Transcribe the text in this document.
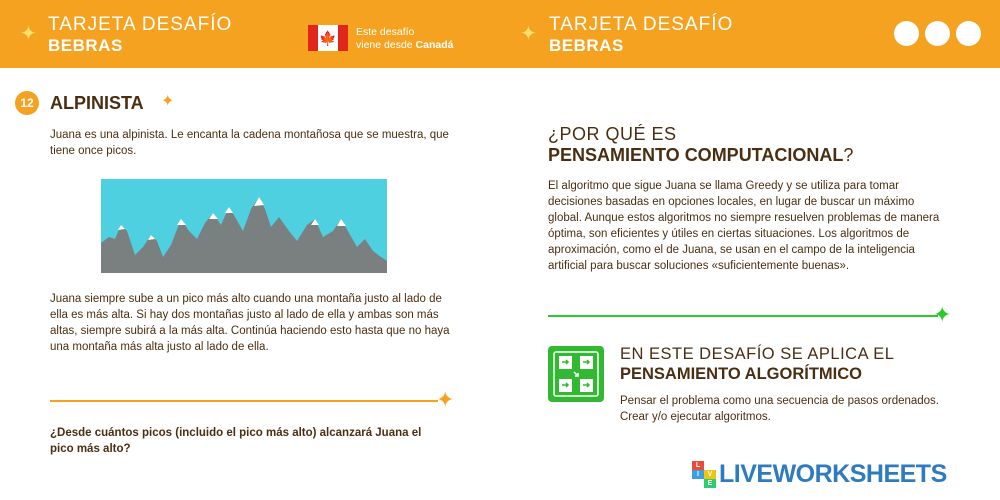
✦ TARJETA DESAFÍO
BEBRAS	🍁 Este desafío
viene desde Canadá	✦ TARJETA DESAFÍO
BEBRAS
12 ALPINISTA ✦
Juana es una alpinista. Le encanta la cadena montañosa que se muestra, que tiene once picos.
Juana siempre sube a un pico más alto cuando una montaña justo al lado de ella es más alta. Si hay dos montañas justo al lado de ella y ambas son más altas, siempre subirá a la más alta. Continúa haciendo esto hasta que no haya una montaña más alta justo al lado de ella.
✦
¿Desde cuántos picos (incluido el pico más alto) alcanzará Juana el pico más alto?
¿POR QUÉ ES
PENSAMIENTO COMPUTACIONAL?
El algoritmo que sigue Juana se llama Greedy y se utiliza para tomar decisiones basadas en opciones locales, en lugar de buscar un máximo global. Aunque estos algoritmos no siempre resuelven problemas de manera óptima, son eficientes y útiles en ciertas situaciones. Los algoritmos de aproximación, como el de Juana, se usan en el campo de la inteligencia artificial para buscar soluciones «suficientemente buenas».
✦
EN ESTE DESAFÍO SE APLICA EL
PENSAMIENTO ALGORÍTMICO
Pensar el problema como una secuencia de pasos ordenados. Crear y/o ejecutar algoritmos.
L
I	V
E LIVEWORKSHEETS
